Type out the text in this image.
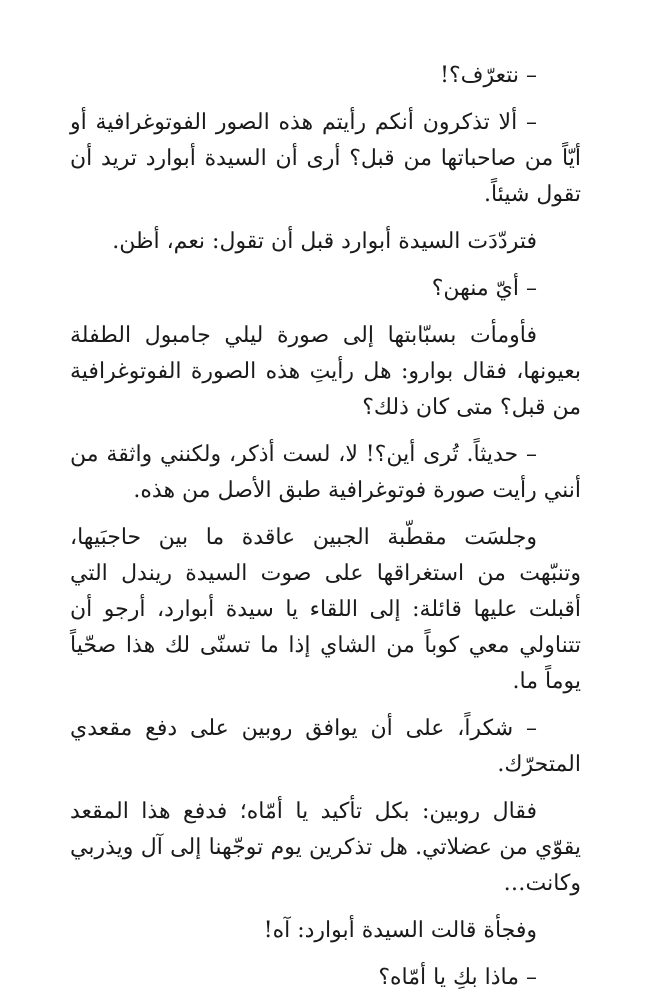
– نتعرّف؟!

– ألا تذكرون أنكم رأيتم هذه الصور الفوتوغرافية أو أيّاً من صاحباتها من قبل؟ أرى أن السيدة أبوارد تريد أن تقول شيئاً.

فتردّدَت السيدة أبوارد قبل أن تقول: نعم، أظن.

– أيّ منهن؟

فأومأت بسبّابتها إلى صورة ليلي جامبول الطفلة بعيونها، فقال بوارو: هل رأيتِ هذه الصورة الفوتوغرافية من قبل؟ متى كان ذلك؟

– حديثاً. تُرى أين؟! لا، لست أذكر، ولكنني واثقة من أنني رأيت صورة فوتوغرافية طبق الأصل من هذه.

وجلسَت مقطّبة الجبين عاقدة ما بين حاجبَيها، وتنبّهت من استغراقها على صوت السيدة ريندل التي أقبلت عليها قائلة: إلى اللقاء يا سيدة أبوارد، أرجو أن تتناولي معي كوباً من الشاي إذا ما تسنّى لك هذا صحّياً يوماً ما.

– شكراً، على أن يوافق روبين على دفع مقعدي المتحرّك.

فقال روبين: بكل تأكيد يا أمّاه؛ فدفع هذا المقعد يقوّي من عضلاتي. هل تذكرين يوم توجّهنا إلى آل ويذربي وكانت…

وفجأة قالت السيدة أبوارد: آه!

– ماذا بكِ يا أمّاه؟
